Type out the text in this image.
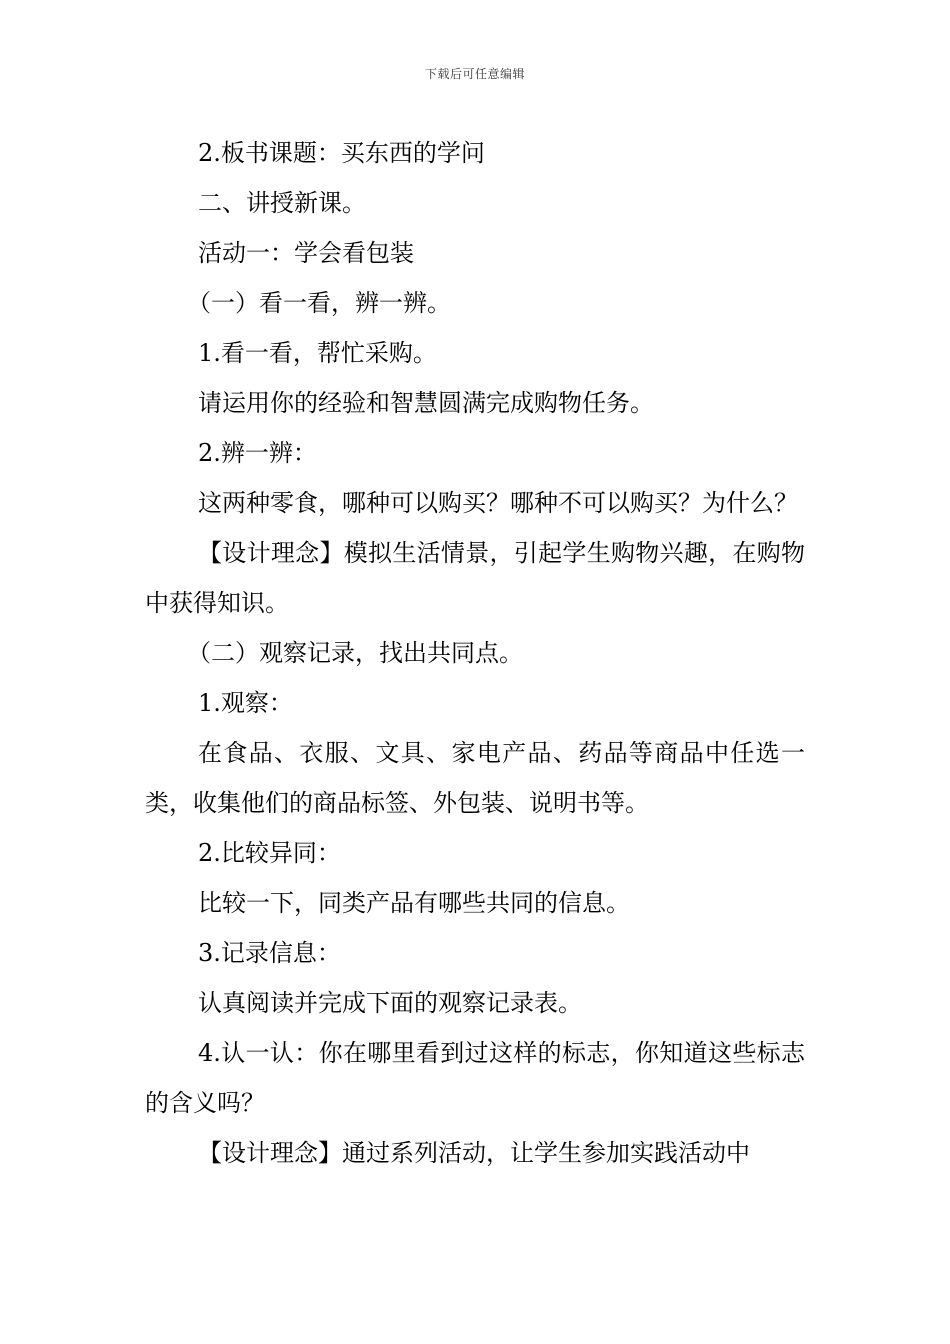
下载后可任意编辑

2.板书课题：买东西的学问

二、讲授新课。

活动一：学会看包装

（一）看一看，辨一辨。

1.看一看，帮忙采购。

请运用你的经验和智慧圆满完成购物任务。

2.辨一辨：

这两种零食，哪种可以购买？哪种不可以购买？为什么？

【设计理念】模拟生活情景，引起学生购物兴趣，在购物中获得知识。

（二）观察记录，找出共同点。

1.观察：

在食品、衣服、文具、家电产品、药品等商品中任选一类，收集他们的商品标签、外包装、说明书等。

2.比较异同：

比较一下，同类产品有哪些共同的信息。

3.记录信息：

认真阅读并完成下面的观察记录表。

4.认一认：你在哪里看到过这样的标志，你知道这些标志的含义吗？

【设计理念】通过系列活动，让学生参加实践活动中
